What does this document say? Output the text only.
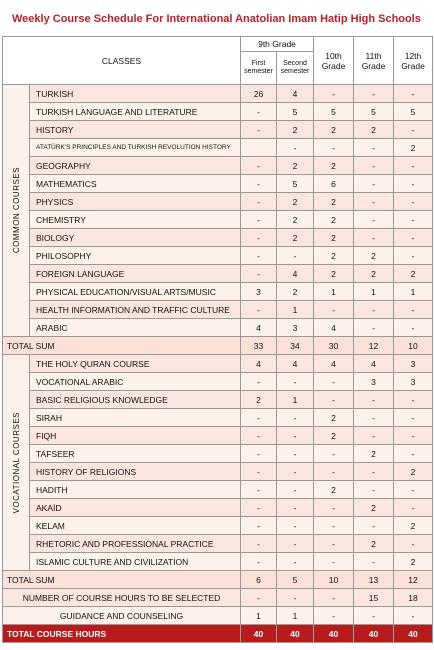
Weekly Course Schedule For International Anatolian Imam Hatip High Schools
CLASSES		9th Grade		10th Grade	11th Grade	12th Grade
		First semester	Second semester			

COMMON COURSES	TURKİSH	26	4	-	-	-
	TURKISH LANGUAGE AND LITERATURE	-	5	5	5	5
	HISTORY	-	2	2	2	-
	ATATÜRK'S PRINCIPLES AND TURKISH REVOLUTION HISTORY		-	-	-	2
	GEOGRAPHY	-	2	2	-	-
	MATHEMATICS	-	5	6	-	-
	PHYSICS	-	2	2	-	-
	CHEMISTRY	-	2	2	-	-
	BIOLOGY	-	2	2	-	-
	PHILOSOPHY	-	-	2	2	-
	FOREIGN LANGUAGE	-	4	2	2	2
	PHYSICAL EDUCATION/VISUAL ARTS/MUSIC	3	2	1	1	1
	HEALTH INFORMATION AND TRAFFIC CULTURE	-	1	-	-	-
	ARABIC	4	3	4	-	-
TOTAL SUM		33	34	30	12	10

VOCATIONAL COURSES	THE HOLY QURAN COURSE	4	4	4	4	3
	VOCATIONAL ARABIC	-	-	-	3	3
	BASIC RELIGIOUS KNOWLEDGE	2	1	-	-	-
	SIRAH	-	-	2	-	-
	FIQH	-	-	2	-	-
	TAFSEER	-	-	-	2	-
	HISTORY OF RELIGIONS	-	-	-	-	2
	HADITH	-	-	2	-	-
	AKAİD	-	-	-	2	-
	KELAM	-	-	-	-	2
	RHETORIC AND PROFESSIONAL PRACTICE	-	-	-	2	-
	ISLAMIC CULTURE AND CIVILIZATION	-	-	-	-	2
TOTAL SUM		6	5	10	13	12
NUMBER OF COURSE HOURS TO BE SELECTED		-	-	-	15	18
GUIDANCE AND COUNSELING		1	1	-	-	-
TOTAL COURSE HOURS		40	40	40	40	40
